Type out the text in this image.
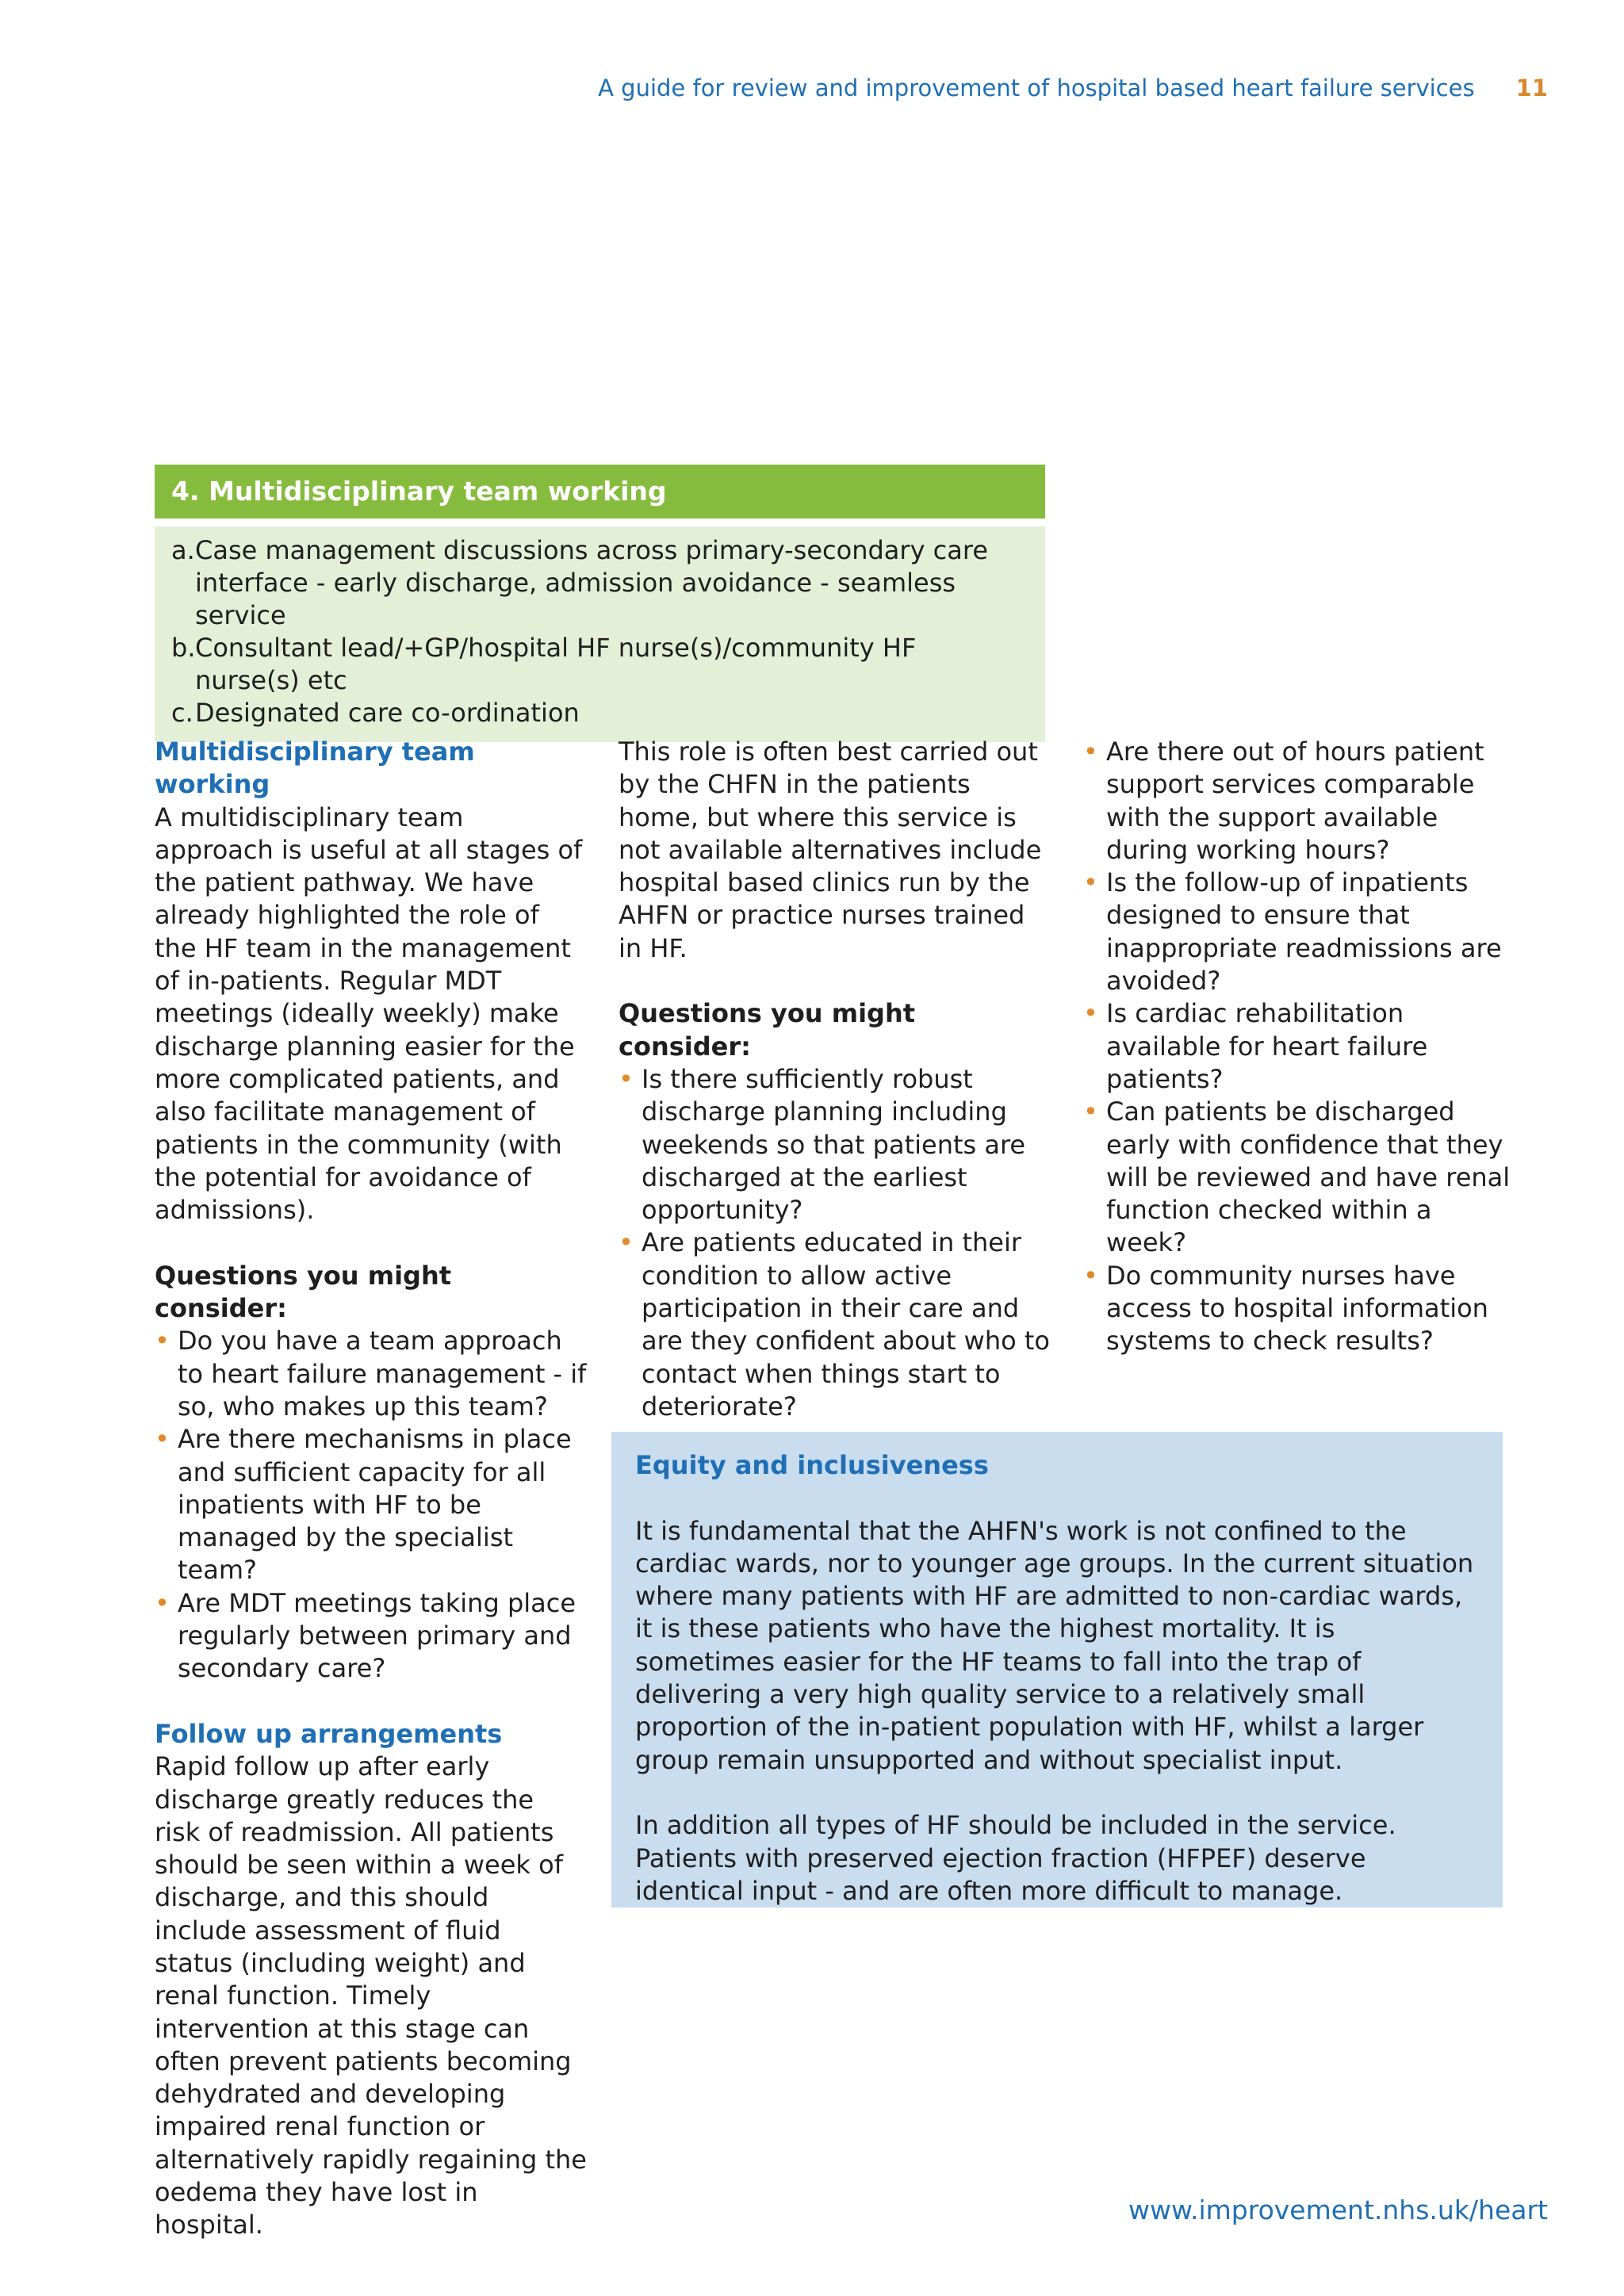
A guide for review and improvement of hospital based heart failure services 11
4. Multidisciplinary team working
a. Case management discussions across primary-secondary care interface - early discharge, admission avoidance - seamless service
b. Consultant lead/+GP/hospital HF nurse(s)/community HF nurse(s) etc
c. Designated care co-ordination
Multidisciplinary team working

A multidisciplinary team approach is useful at all stages of the patient pathway. We have already highlighted the role of the HF team in the management of in-patients. Regular MDT meetings (ideally weekly) make discharge planning easier for the more complicated patients, and also facilitate management of patients in the community (with the potential for avoidance of admissions).

Questions you might consider:
• Do you have a team approach to heart failure management - if so, who makes up this team?
• Are there mechanisms in place and sufficient capacity for all inpatients with HF to be managed by the specialist team?
• Are MDT meetings taking place regularly between primary and secondary care?
Follow up arrangements

Rapid follow up after early discharge greatly reduces the risk of readmission. All patients should be seen within a week of discharge, and this should include assessment of fluid status (including weight) and renal function. Timely intervention at this stage can often prevent patients becoming dehydrated and developing impaired renal function or alternatively rapidly regaining the oedema they have lost in hospital.

This role is often best carried out by the CHFN in the patients home, but where this service is not available alternatives include hospital based clinics run by the AHFN or practice nurses trained in HF.

Questions you might consider:
• Is there sufficiently robust discharge planning including weekends so that patients are discharged at the earliest opportunity?
• Are patients educated in their condition to allow active participation in their care and are they confident about who to contact when things start to deteriorate?
• Are there out of hours patient support services comparable with the support available during working hours?
• Is the follow-up of inpatients designed to ensure that inappropriate readmissions are avoided?
• Is cardiac rehabilitation available for heart failure patients?
• Can patients be discharged early with confidence that they will be reviewed and have renal function checked within a week?
• Do community nurses have access to hospital information systems to check results?
Equity and inclusiveness

It is fundamental that the AHFN's work is not confined to the cardiac wards, nor to younger age groups. In the current situation where many patients with HF are admitted to non-cardiac wards, it is these patients who have the highest mortality. It is sometimes easier for the HF teams to fall into the trap of delivering a very high quality service to a relatively small proportion of the in-patient population with HF, whilst a larger group remain unsupported and without specialist input.

In addition all types of HF should be included in the service. Patients with preserved ejection fraction (HFPEF) deserve identical input - and are often more difficult to manage.

www.improvement.nhs.uk/heart
